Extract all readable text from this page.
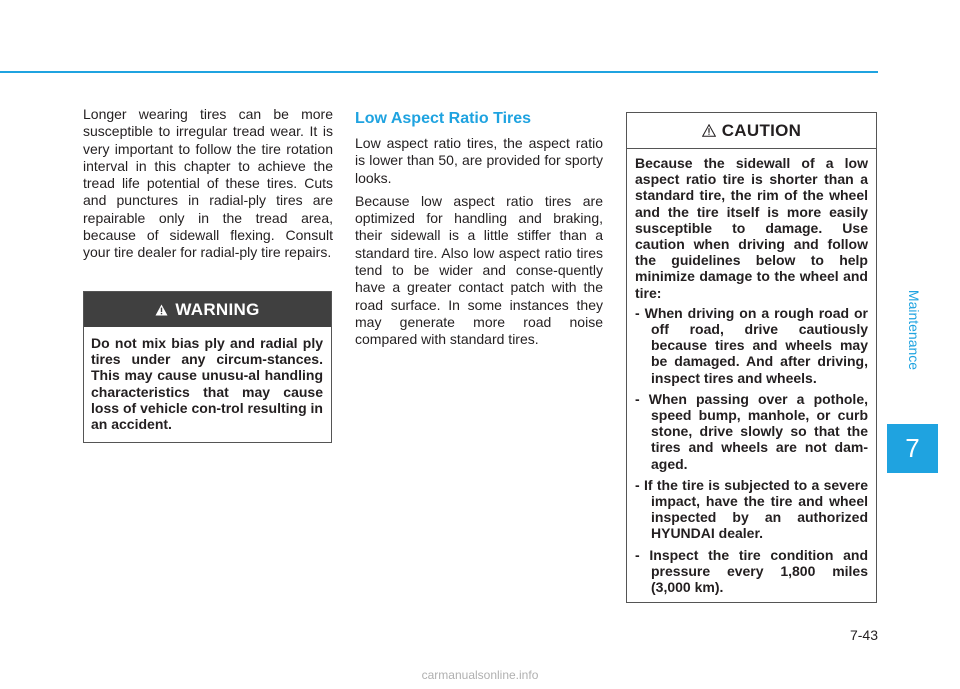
Longer wearing tires can be more susceptible to irregular tread wear. It is very important to follow the tire rotation interval in this chapter to achieve the tread life potential of these tires. Cuts and punctures in radial-ply tires are repairable only in the tread area, because of sidewall flexing. Consult your tire dealer for radial-ply tire repairs.

WARNING
Do not mix bias ply and radial ply tires under any circum-stances. This may cause unusu-al handling characteristics that may cause loss of vehicle con-trol resulting in an accident.
Low Aspect Ratio Tires

Low aspect ratio tires, the aspect ratio is lower than 50, are provided for sporty looks.

Because low aspect ratio tires are optimized for handling and braking, their sidewall is a little stiffer than a standard tire. Also low aspect ratio tires tend to be wider and conse-quently have a greater contact patch with the road surface. In some instances they may generate more road noise compared with standard tires.

CAUTION

Because the sidewall of a low aspect ratio tire is shorter than a standard tire, the rim of the wheel and the tire itself is more easily susceptible to damage. Use caution when driving and follow the guidelines below to help minimize damage to the wheel and tire:

- When driving on a rough road or off road, drive cautiously because tires and wheels may be damaged. And after driving, inspect tires and wheels.
- When passing over a pothole, speed bump, manhole, or curb stone, drive slowly so that the tires and wheels are not dam-aged.
- If the tire is subjected to a severe impact, have the tire and wheel inspected by an authorized HYUNDAI dealer.
- Inspect the tire condition and pressure every 1,800 miles (3,000 km).
Maintenance
7
7-43
carmanualsonline.info
